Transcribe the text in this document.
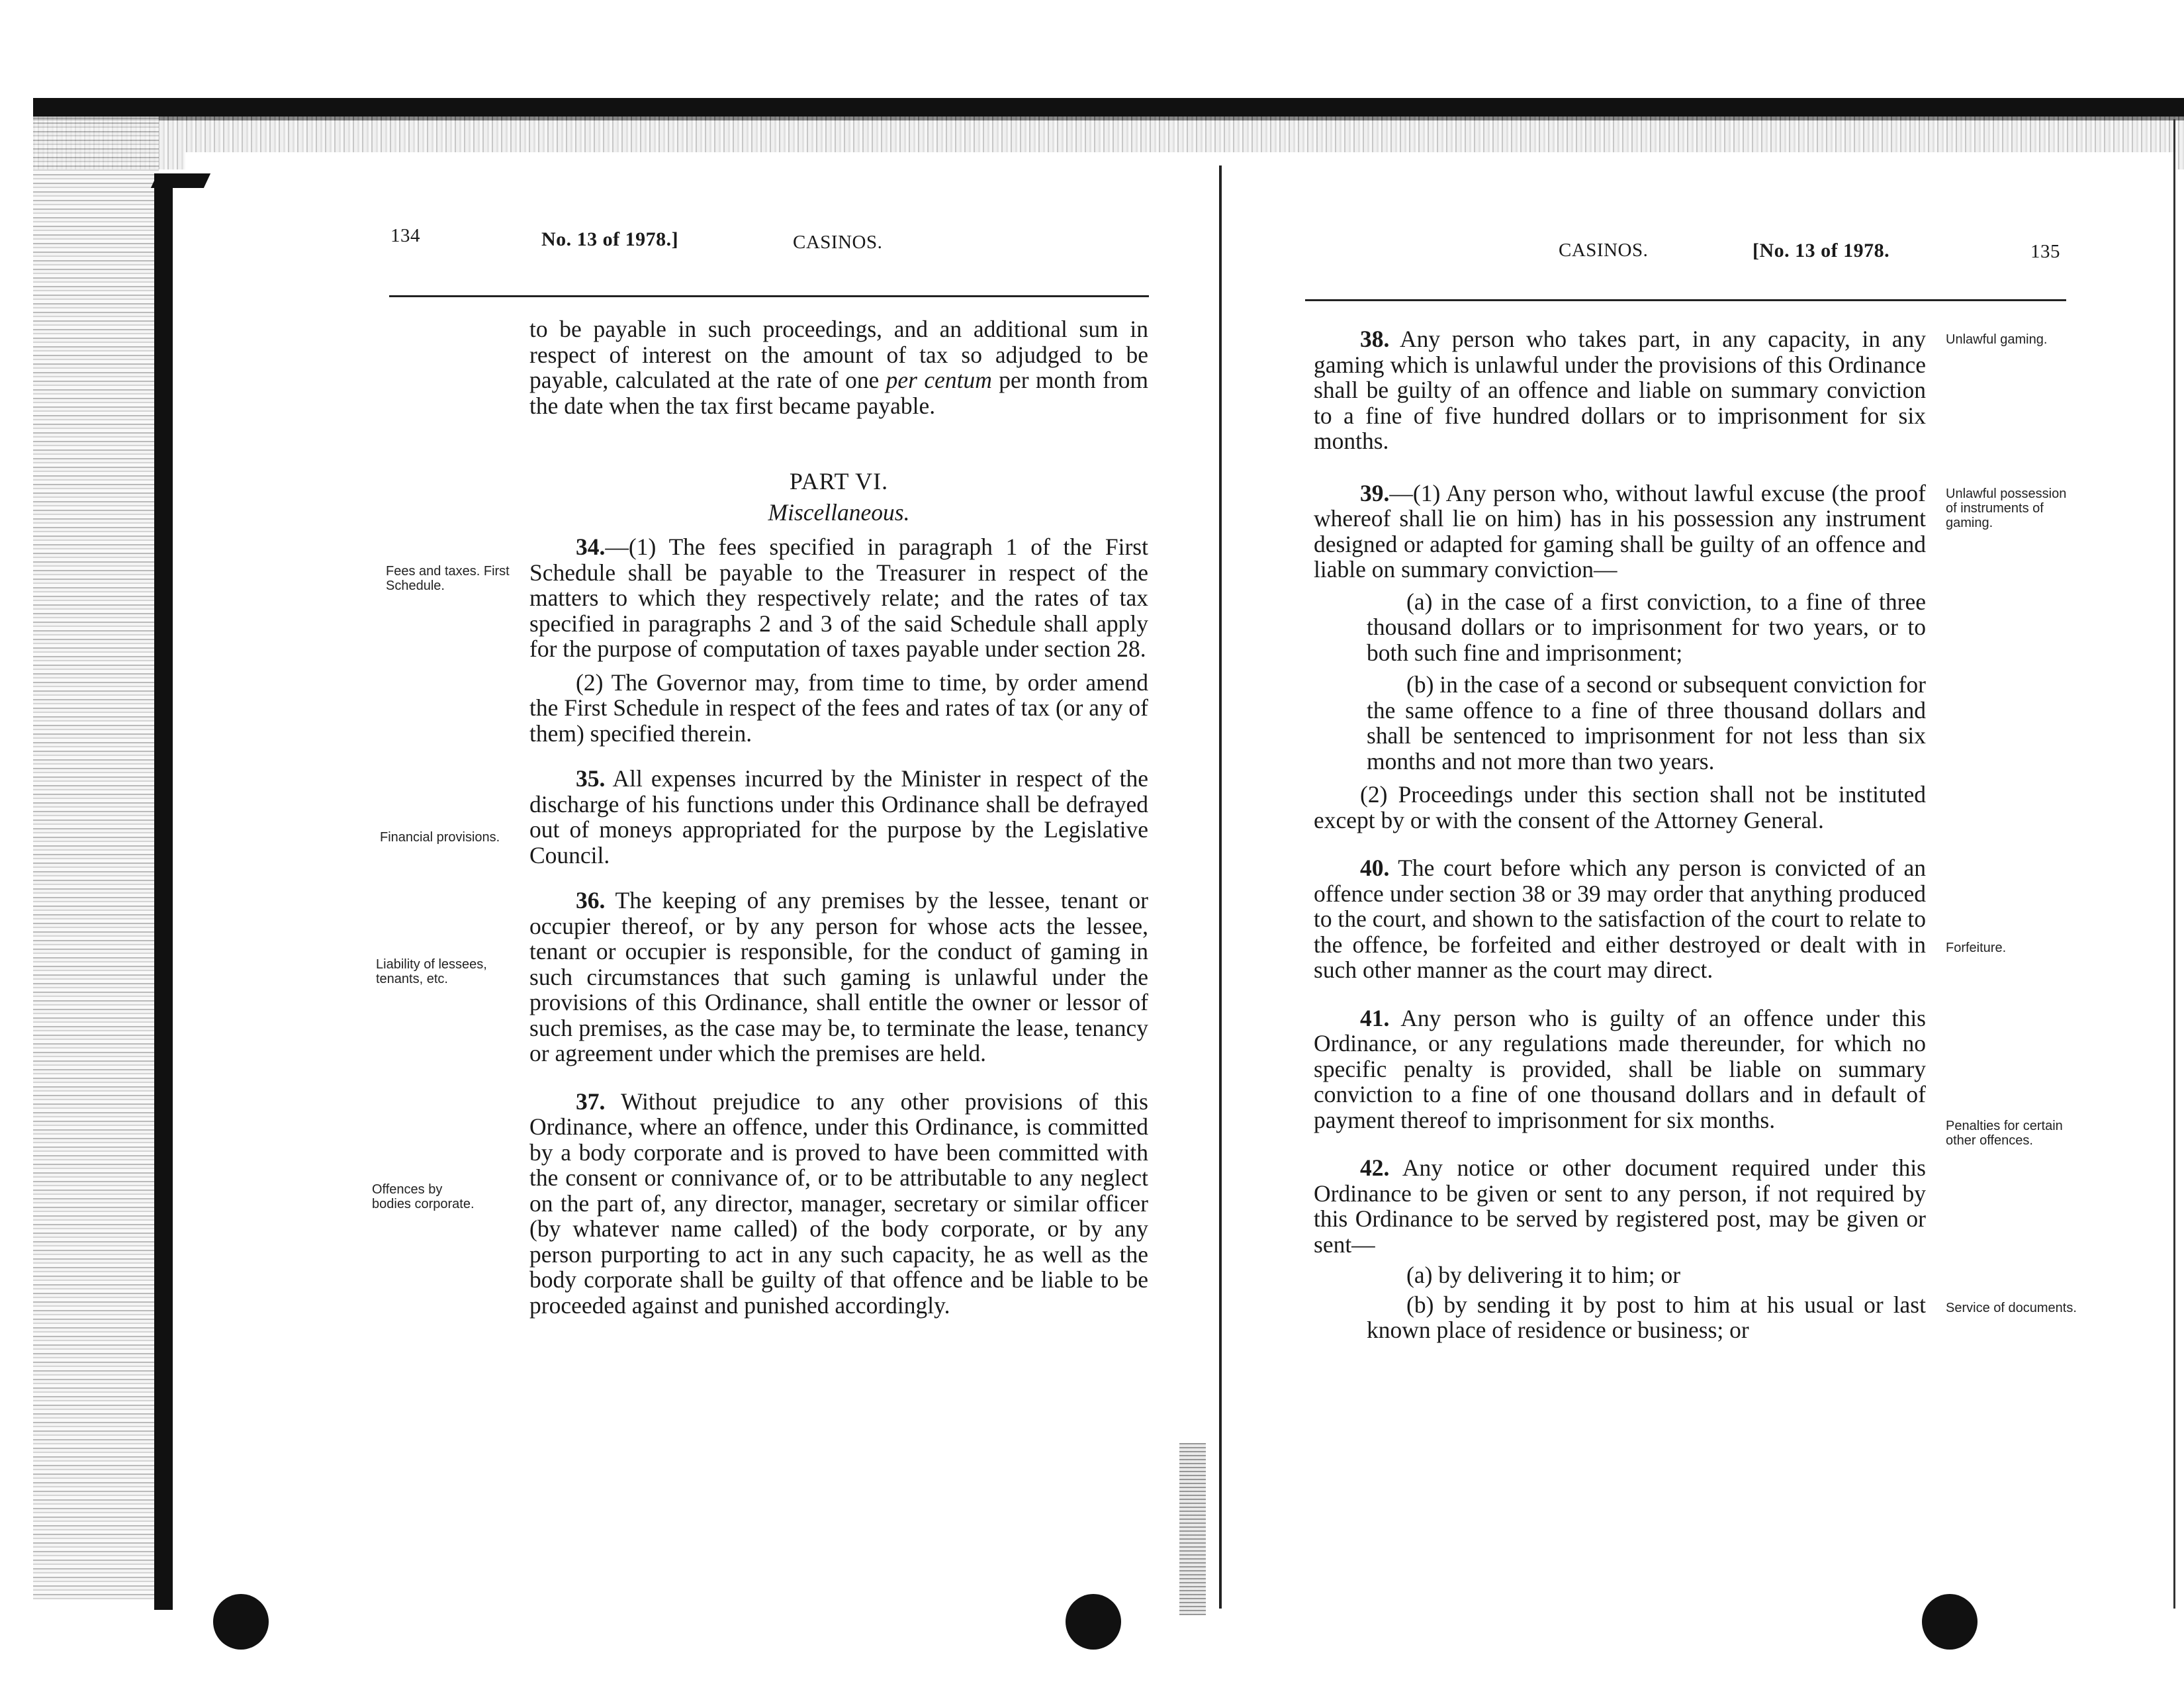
134	No. 13 of 1978.]	CASINOS.	CASINOS.	[No. 13 of 1978.	135

to be payable in such proceedings, and an additional sum in respect of interest on the amount of tax so adjudged to be payable, calculated at the rate of one per centum per month from the date when the tax first became payable.

PART VI.

Miscellaneous.

34.—(1) The fees specified in paragraph 1 of the First Schedule shall be payable to the Treasurer in respect of the matters to which they respectively relate; and the rates of tax specified in paragraphs 2 and 3 of the said Schedule shall apply for the purpose of computation of taxes payable under section 28.

(2) The Governor may, from time to time, by order amend the First Schedule in respect of the fees and rates of tax (or any of them) specified therein.

35. All expenses incurred by the Minister in respect of the discharge of his functions under this Ordinance shall be defrayed out of moneys appropriated for the purpose by the Legislative Council.

36. The keeping of any premises by the lessee, tenant or occupier thereof, or by any person for whose acts the lessee, tenant or occupier is responsible, for the conduct of gaming in such circumstances that such gaming is unlawful under the provisions of this Ordinance, shall entitle the owner or lessor of such premises, as the case may be, to terminate the lease, tenancy or agreement under which the premises are held.

37. Without prejudice to any other provisions of this Ordinance, where an offence, under this Ordinance, is committed by a body corporate and is proved to have been committed with the consent or connivance of, or to be attributable to any neglect on the part of, any director, manager, secretary or similar officer (by whatever name called) of the body corporate, or by any person purporting to act in any such capacity, he as well as the body corporate shall be guilty of that offence and be liable to be proceeded against and punished accordingly.

Fees and taxes. First Schedule.
Financial provisions.
Liability of lessees, tenants, etc.
Offences by bodies corporate.

38. Any person who takes part, in any capacity, in any gaming which is unlawful under the provisions of this Ordinance shall be guilty of an offence and liable on summary conviction to a fine of five hundred dollars or to imprisonment for six months.

39.—(1) Any person who, without lawful excuse (the proof whereof shall lie on him) has in his possession any instrument designed or adapted for gaming shall be guilty of an offence and liable on summary conviction—

(a) in the case of a first conviction, to a fine of three thousand dollars or to imprisonment for two years, or to both such fine and imprisonment;

(b) in the case of a second or subsequent conviction for the same offence to a fine of three thousand dollars and shall be sentenced to imprisonment for not less than six months and not more than two years.

(2) Proceedings under this section shall not be instituted except by or with the consent of the Attorney General.

40. The court before which any person is convicted of an offence under section 38 or 39 may order that anything produced to the court, and shown to the satisfaction of the court to relate to the offence, be forfeited and either destroyed or dealt with in such other manner as the court may direct.

41. Any person who is guilty of an offence under this Ordinance, or any regulations made thereunder, for which no specific penalty is provided, shall be liable on summary conviction to a fine of one thousand dollars and in default of payment thereof to imprisonment for six months.

42. Any notice or other document required under this Ordinance to be given or sent to any person, if not required by this Ordinance to be served by registered post, may be given or sent—

(a) by delivering it to him; or

(b) by sending it by post to him at his usual or last known place of residence or business; or

Unlawful gaming.
Unlawful possession of instruments of gaming.
Forfeiture.
Penalties for certain other offences.
Service of documents.
